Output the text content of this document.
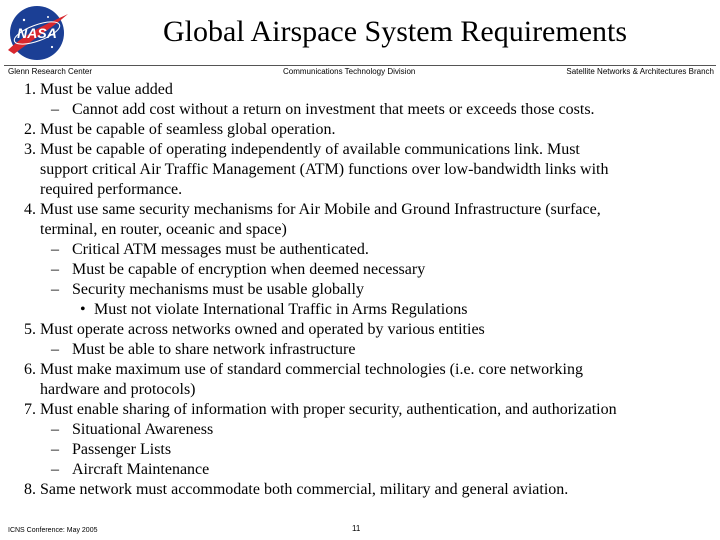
NASA	Global Airspace System Requirements
Glenn Research Center	Communications Technology Division	Satellite Networks & Architectures Branch
1. Must be value added
– Cannot add cost without a return on investment that meets or exceeds those costs.
2. Must be capable of seamless global operation.
3. Must be capable of operating independently of available communications link. Must
support critical Air Traffic Management (ATM) functions over low-bandwidth links with
required performance.
4. Must use same security mechanisms for Air Mobile and Ground Infrastructure (surface,
terminal, en router, oceanic and space)
– Critical ATM messages must be authenticated.
– Must be capable of encryption when deemed necessary
– Security mechanisms must be usable globally
• Must not violate International Traffic in Arms Regulations
5. Must operate across networks owned and operated by various entities
– Must be able to share network infrastructure
6. Must make maximum use of standard commercial technologies (i.e. core networking
hardware and protocols)
7. Must enable sharing of information with proper security, authentication, and authorization
– Situational Awareness
– Passenger Lists
– Aircraft Maintenance
8. Same network must accommodate both commercial, military and general aviation.
ICNS Conference: May 2005	11
